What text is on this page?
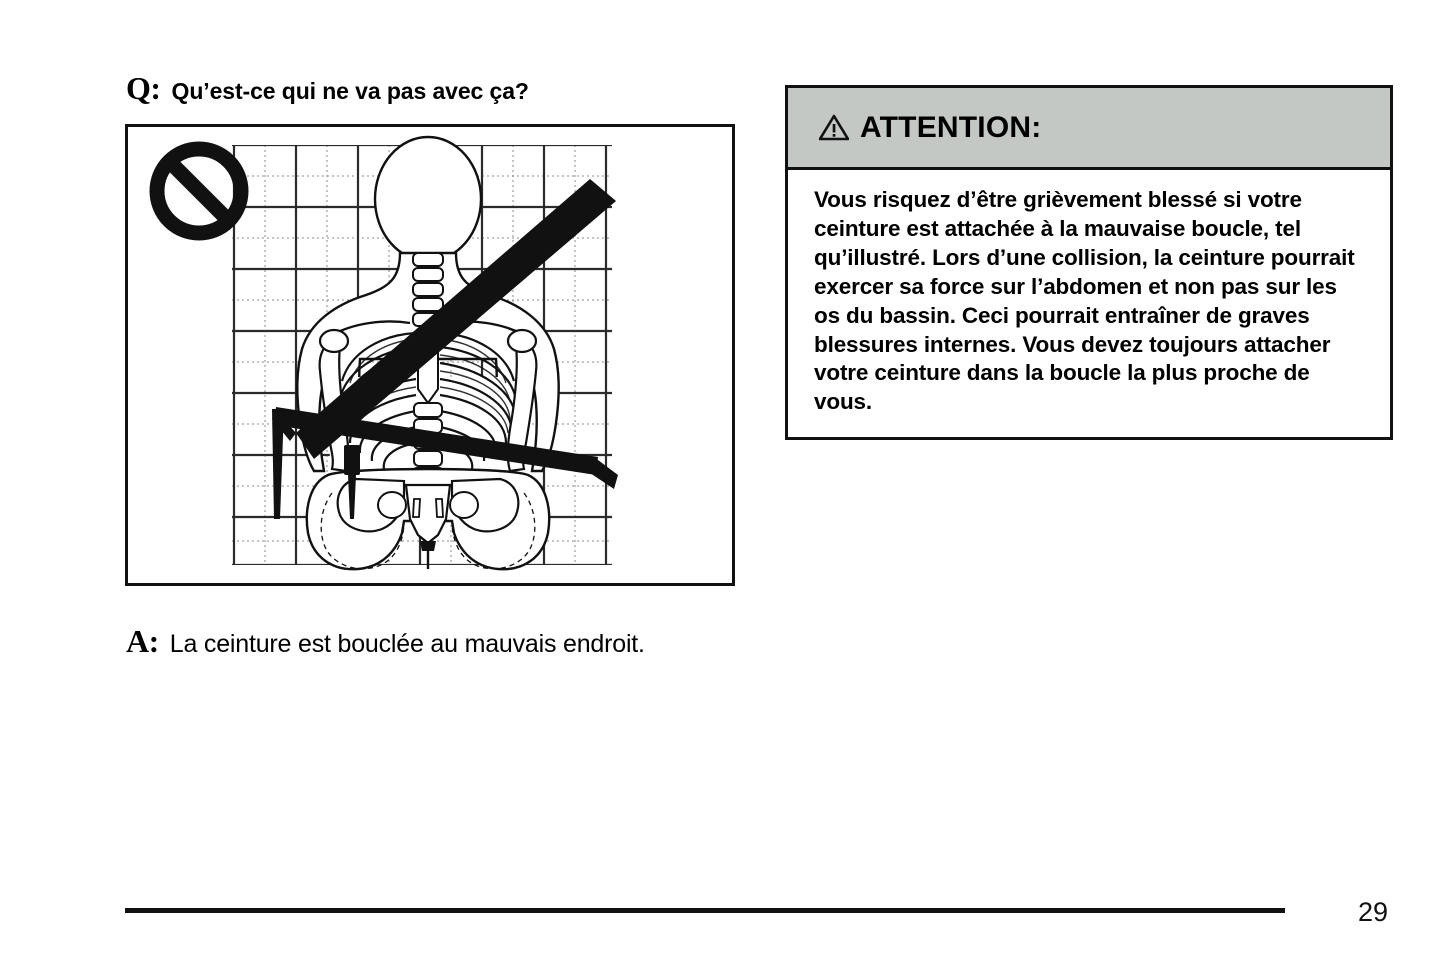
Q: Qu’est-ce qui ne va pas avec ça?
A: La ceinture est bouclée au mauvais endroit.
ATTENTION:

Vous risquez d’être grièvement blessé si votre ceinture est attachée à la mauvaise boucle, tel qu’illustré. Lors d’une collision, la ceinture pourrait exercer sa force sur l’abdomen et non pas sur les os du bassin. Ceci pourrait entraîner de graves blessures internes. Vous devez toujours attacher votre ceinture dans la boucle la plus proche de vous.

29
